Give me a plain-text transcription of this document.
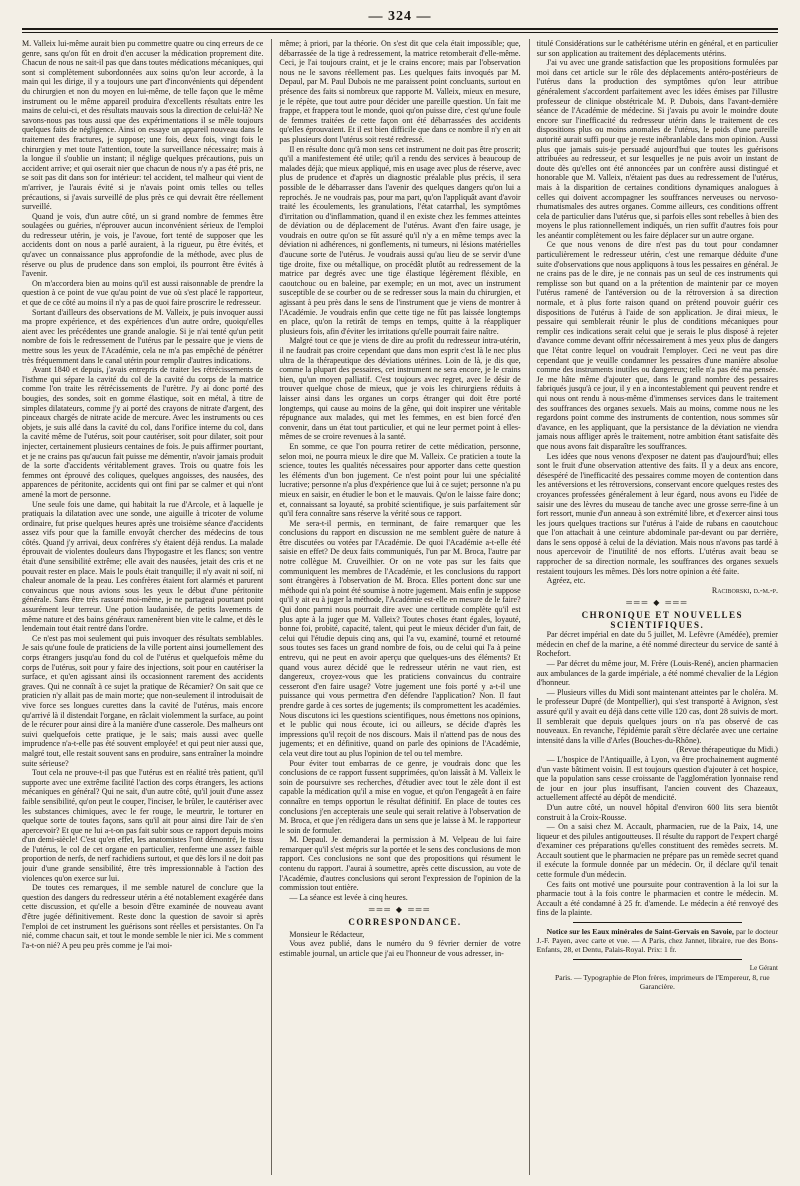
— 324 —

M. Valleix lui-même aurait bien pu commettre quatre ou cinq erreurs de ce genre, sans qu'on fût en droit d'en accuser la médication proprement dite. Chacun de nous ne sait-il pas que dans toutes médications mécaniques, qui sont si complètement subordonnées aux soins qu'on leur accorde, à la main qui les dirige, il y a toujours une part d'inconvénients qui dépendent du chirurgien et non du moyen en lui-même, de telle façon que le même instrument ou le même appareil produira d'excellents résultats entre les mains de celui-ci, et des résultats mauvais sous la direction de celui-là? Ne savons-nous pas tous aussi que des expérimentations il se mêle toujours quelques faits de négligence. Ainsi on essaye un appareil nouveau dans le traitement des fractures, je suppose; une fois, deux fois, vingt fois le chirurgien y met toute l'attention, toute la surveillance nécessaire; mais à la longue il s'oublie un instant; il néglige quelques précautions, puis un accident arrive; et qui oserait nier que chacun de nous n'y a pas été pris, ne se soit pas dit dans son for intérieur: tel accident, tel malheur qui vient de m'arriver, je l'aurais évité si je n'avais point omis telles ou telles précautions, si j'avais surveillé de plus près ce qui devrait être réellement surveillé.

Quand je vois, d'un autre côté, un si grand nombre de femmes être soulagées ou guéries, n'éprouver aucun inconvénient sérieux de l'emploi du redresseur utérin, je vois, je l'avoue, fort tenté de supposer que les accidents dont on nous a parlé auraient, à la rigueur, pu être évités, et qu'avec un connaissance plus approfondie de la méthode, avec plus de réserve ou plus de prudence dans son emploi, ils pourront être évités à l'avenir.

On m'accordera bien au moins qu'il est aussi raisonnable de prendre la question à ce point de vue qu'au point de vue où s'est placé le rapporteur, et que de ce côté au moins il n'y a pas de quoi faire proscrire le redresseur.

Sortant d'ailleurs des observations de M. Valleix, je puis invoquer aussi ma propre expérience, et des expériences d'un autre ordre, quoiqu'elles aient avec les précédentes une grande analogie. Si je n'ai tenté qu'un petit nombre de fois le redressement de l'utérus par le pessaire que je viens de mettre sous les yeux de l'Académie, cela ne m'a pas empêché de pénétrer très fréquemment dans le canal utérin pour remplir d'autres indications.

Avant 1840 et depuis, j'avais entrepris de traiter les rétrécissements de l'isthme qui sépare la cavité du col de la cavité du corps de la matrice comme l'on traite les rétrécissements de l'urètre. J'y ai donc porté des bougies, des sondes, soit en gomme élastique, soit en métal, à titre de simples dilatateurs, comme j'y ai porté des crayons de nitrate d'argent, des pinceaux chargés de nitrate acide de mercure. Avec les instruments ou ces objets, je suis allé dans la cavité du col, dans l'orifice interne du col, dans la cavité même de l'utérus, soit pour cautériser, soit pour dilater, soit pour injecter, certainement plusieurs centaines de fois. Je puis affirmer pourtant, et je ne crains pas qu'aucun fait puisse me démentir, n'avoir jamais produit de la sorte d'accidents véritablement graves. Trois ou quatre fois les femmes ont éprouvé des coliques, quelques angoisses, des nausées, des apparences de péritonite, accidents qui ont fini par se calmer et qui n'ont amené la mort de personne.

Une seule fois une dame, qui habitait la rue d'Arcole, et à laquelle je pratiquais la dilatation avec une sonde, une aiguille à tricoter de volume ordinaire, fut prise quelques heures après une troisième séance d'accidents assez vifs pour que la famille envoyât chercher des médecins de tous côtés. Quand j'y arrivai, deux confrères s'y étaient déjà rendus. La malade éprouvait de violentes douleurs dans l'hypogastre et les flancs; son ventre était d'une sensibilité extrême; elle avait des nausées, jetait des cris et ne pouvait rester en place. Mais le pouls était tranquille; il n'y avait ni soif, ni chaleur anomale de la peau. Les confrères étaient fort alarmés et parurent convaincus que nous avions sous les yeux le début d'une péritonite générale. Sans être très rassuré moi-même, je ne partageai pourtant point assurément leur terreur. Une potion laudanisée, de petits lavements de même nature et des bains généraux ramenèrent bien vite le calme, et dès le lendemain tout était rentré dans l'ordre.

Ce n'est pas moi seulement qui puis invoquer des résultats semblables. Je sais qu'une foule de praticiens de la ville portent ainsi journellement des corps étrangers jusqu'au fond du col de l'utérus et quelquefois même du corps de l'utérus, soit pour y faire des injections, soit pour en cautériser la surface, et qu'en agissant ainsi ils occasionnent rarement des accidents graves. Qui ne connaît à ce sujet la pratique de Récamier? On sait que ce praticien n'y allait pas de main morte; que non-seulement il introduisait de vive force ses longues curettes dans la cavité de l'utérus, mais encore qu'arrivé là il distendait l'organe, en râclait violemment la surface, au point de le récurer pour ainsi dire à la manière d'une casserole. Des malheurs ont suivi quelquefois cette pratique, je le sais; mais aussi avec quelle imprudence n'a-t-elle pas été souvent employée! et qui peut nier aussi que, malgré tout, elle restait souvent sans en produire, sans entraîner la moindre suite sérieuse?

Tout cela ne prouve-t-il pas que l'utérus est en réalité très patient, qu'il supporte avec une extrême facilité l'action des corps étrangers, les actions mécaniques en général? Qui ne sait, d'un autre côté, qu'il jouit d'une assez faible sensibilité, qu'on peut le couper, l'inciser, le brûler, le cautériser avec les substances chimiques, avec le fer rouge, le meurtrir, le torturer en quelque sorte de toutes façons, sans qu'il ait pour ainsi dire l'air de s'en apercevoir? Et que ne lui a-t-on pas fait subir sous ce rapport depuis moins d'un demi-siècle! C'est qu'en effet, les anatomistes l'ont démontré, le tissu de l'utérus, le col de cet organe en particulier, renferme une assez faible proportion de nerfs, de nerf rachidiens surtout, et que dès lors il ne doit pas jouir d'une grande sensibilité, être très impressionnable à l'action des violences qu'on exerce sur lui.

De toutes ces remarques, il me semble naturel de conclure que la question des dangers du redresseur utérin a été notablement exagérée dans cette discussion, et qu'elle a besoin d'être examinée de nouveau avant d'être jugée définitivement. Reste donc la question de savoir si après l'emploi de cet instrument les guérisons sont réelles et persistantes. On l'a nié, comme chacun sait, et tout le monde semble le nier ici. Me s comment l'a-t-on nié? A peu peu près comme je l'ai moi-

même; à priori, par la théorie. On s'est dit que cela était impossible; que, débarrassée de la tige à redressement, la matrice retomberait d'elle-même. Ceci, je l'ai toujours craint, et je le crains encore; mais par l'observation nous ne le savons réellement pas. Les quelques faits invoqués par M. Depaul, par M. Paul Dubois ne me paraissent point concluants, surtout en présence des faits si nombreux que rapporte M. Valleix, mieux en mesure, je le répète, que tout autre pour décider une pareille question. Un fait me frappe, et frappera tout le monde, quoi qu'on puisse dire, c'est qu'une foule de femmes traitées de cette façon ont été débarrassées des accidents qu'elles éprouvaient. Et il est bien difficile que dans ce nombre il n'y en ait pas plusieurs dont l'utérus soit resté redressé.

Il en résulte donc qu'à mon sens cet instrument ne doit pas être proscrit; qu'il a manifestement été utile; qu'il a rendu des services à beaucoup de malades déjà; que mieux appliqué, mis en usage avec plus de réserve, avec plus de prudence et d'après un diagnostic préalable plus précis, il sera possible de le débarrasser dans l'avenir des quelques dangers qu'on lui a reprochés. Je ne voudrais pas, pour ma part, qu'on l'appliquât avant d'avoir traité les écoulements, les granulations, l'état catarrhal, les symptômes d'irritation ou d'inflammation, quand il en existe chez les femmes atteintes de déviation ou de déplacement de l'utérus. Avant d'en faire usage, je voudrais en outre qu'on se fût assuré qu'il n'y a en même temps avec la déviation ni adhérences, ni gonflements, ni tumeurs, ni lésions matérielles d'aucune sorte de l'utérus. Je voudrais aussi qu'au lieu de se servir d'une tige droite, fixe ou métallique, on procédât plutôt au redressement de la matrice par degrés avec une tige élastique légèrement fléxible, en caoutchouc ou en baleine, par exemple; en un mot, avec un instrument susceptible de se courber ou de se redresser sous la main du chirurgien, et agissant à peu près dans le sens de l'instrument que je viens de montrer à l'Académie. Je voudrais enfin que cette tige ne fût pas laissée longtemps en place, qu'on la retirât de temps en temps, quitte à la réappliquer plusieurs fois, afin d'éviter les irritations qu'elle pourrait faire naître.

Malgré tout ce que je viens de dire au profit du redresseur intra-utérin, il ne faudrait pas croire cependant que dans mon esprit c'est là le nec plus ultra de la thérapeutique des déviations utérines. Loin de là, je dis que, comme la plupart des pessaires, cet instrument ne sera encore, je le crains bien, qu'un moyen palliatif. C'est toujours avec regret, avec le désir de trouver quelque chose de mieux, que je vois les chirurgiens réduits à laisser ainsi dans les organes un corps étranger qui doit être porté longtemps, qui cause au moins de la gêne, qui doit inspirer une véritable répugnance aux malades, qui met les femmes, en est bien forcé d'en convenir, dans un état tout particulier, et qui ne leur permet point à elles-mêmes de se croire revenues à la santé.

En somme, ce que l'on pourra retirer de cette médication, personne, selon moi, ne pourra mieux le dire que M. Valleix. Ce praticien a toute la science, toutes les qualités nécessaires pour apporter dans cette question les éléments d'un bon jugement. Ce n'est point pour lui une spécialité lucrative; personne n'a plus d'expérience que lui à ce sujet; personne n'a pu mieux en saisir, en étudier le bon et le mauvais. Qu'on le laisse faire donc; et, connaissant sa loyauté, sa probité scientifique, je suis parfaitement sûr qu'il fera connaître sans réserve la vérité sous ce rapport.

Me sera-t-il permis, en terminant, de faire remarquer que les conclusions du rapport en discussion ne me semblent guère de nature à être discutées ou votées par l'Académie. De quoi l'Académie a-t-elle été saisie en effet? De deux faits communiqués, l'un par M. Broca, l'autre par notre collègue M. Cruveilhier. Or on ne vote pas sur les faits que communiquent les membres de l'Académie, et les conclusions du rapport sont étrangères à l'observation de M. Broca. Elles portent donc sur une méthode qui n'a point été soumise à notre jugement. Mais enfin je suppose qu'il y ait eu à juger la méthode, l'Académie est-elle en mesure de le faire? Qui donc parmi nous pourrait dire avec une certitude complète qu'il est plus apte à la juger que M. Valleix? Toutes choses étant égales, loyauté, bonne foi, probité, capacité, talent, qui peut le mieux décider d'un fait, de celui qui l'étudie depuis cinq ans, qui l'a vu, examiné, tourné et retourné sous toutes ses faces un grand nombre de fois, ou de celui qui l'a à peine entrevu, qui ne peut en avoir aperçu que quelques-uns des éléments? Et quand vous aurez décidé que le redresseur utérin ne vaut rien, est dangereux, croyez-vous que les praticiens convaincus du contraire cesseront d'en faire usage? Votre jugement une fois porté y a-t-il une puissance qui vous permettra d'en défendre l'application? Non. Il faut prendre garde à ces sortes de jugements; ils compromettent les académies. Nous discutons ici les questions scientifiques, nous émettons nos opinions, et le public qui nous écoute, ici ou ailleurs, se décide d'après les impressions qu'il reçoit de nos discours. Mais il n'attend pas de nous des jugements; et en définitive, quand on parle des opinions de l'Académie, cela veut dire tout au plus l'opinion de tel ou tel membre.

Pour éviter tout embarras de ce genre, je voudrais donc que les conclusions de ce rapport fussent supprimées, qu'on laissât à M. Valleix le soin de poursuivre ses recherches, d'étudier avec tout le zèle dont il est capable la médication qu'il a mise en vogue, et qu'on l'engageât à en faire connaître en temps opportun le résultat définitif. En place de toutes ces conclusions j'en accepterais une seule qui serait relative à l'observation de M. Broca, et que j'en rédigera dans un sens que je laisse à M. le rapporteur le soin de formuler.

M. Depaul. Je demanderai la permission à M. Velpeau de lui faire remarquer qu'il s'est mépris sur la portée et le sens des conclusions de mon rapport. Ces conclusions ne sont que des propositions qui résument le contenu du rapport. J'aurai à soumettre, après cette discussion, au vote de l'Académie, d'autres conclusions qui seront l'expression de l'opinion de la commission tout entière.

— La séance est levée à cinq heures.

═══ ◆ ═══

CORRESPONDANCE.

Monsieur le Rédacteur,

Vous avez publié, dans le numéro du 9 février dernier de votre estimable journal, un article que j'ai eu l'honneur de vous adresser, in-

titulé Considérations sur le cathétérisme utérin en général, et en particulier sur son application au traitement des déplacements utérins.

J'ai vu avec une grande satisfaction que les propositions formulées par moi dans cet article sur le rôle des déplacements antéro-postérieurs de l'utérus dans la production des symptômes qu'on leur attribue généralement s'accordent parfaitement avec les idées émises par l'illustre professeur de clinique obstétricale M. P. Dubois, dans l'avant-dernière séance de l'Académie de médecine. Si j'avais pu avoir le moindre doute encore sur l'inefficacité du redresseur utérin dans le traitement de ces dispositions plus ou moins anomales de l'utérus, le poids d'une pareille autorité aurait suffi pour que je reste inébranlable dans mon opinion. Aussi plus que jamais suis-je persuadé aujourd'hui que toutes les guérisons attribuées au redresseur, et sur lesquelles je ne puis avoir un instant de doute dès qu'elles ont été annoncées par un confrère aussi distingué et honorable que M. Valleix, n'étaient pas dues au redressement de l'utérus, mais à la disparition de certaines conditions dynamiques analogues à celles qui doivent accompagner les souffrances nerveuses ou nervoso-rhumatismales des autres organes. Comme ailleurs, ces conditions offrent cela de particulier dans l'utérus que, si parfois elles sont rebelles à bien des moyens le plus rationnellement indiqués, un rien suffit d'autres fois pour les anéantir complètement ou les faire déplacer sur un autre organe.

Ce que nous venons de dire n'est pas du tout pour condamner particulièrement le redresseur utérin, c'est une remarque déduite d'une suite d'observations que nous appliquons à tous les pessaires en général. Je ne crains pas de le dire, je ne connais pas un seul de ces instruments qui remplisse son but quand on a la prétention de maintenir par ce moyen l'utérus ramené de l'antéversion ou de la rétroversion à sa direction normale, et à plus forte raison quand on prétend pouvoir guérir ces dispositions de l'utérus à l'aide de son application. Je dirai mieux, le pessaire qui semblerait réunir le plus de conditions mécaniques pour remplir ces indications serait celui que je serais le plus disposé à rejeter d'avance comme devant offrir nécessairement à mes yeux plus de dangers que l'état contre lequel on voudrait l'employer. Ceci ne veut pas dire cependant que je veuille condamner les pessaires d'une manière absolue comme des instruments inutiles ou dangereux; telle n'a pas été ma pensée. Je me hâte même d'ajouter que, dans le grand nombre des pessaires fabriqués jusqu'à ce jour, il y en a incontestablement qui peuvent rendre et qui nous ont rendu à nous-même d'immenses services dans le traitement des souffrances des organes sexuels. Mais au moins, comme nous ne les regardons point comme des instruments de contention, nous sommes sûr d'avance, en les appliquant, que la persistance de la déviation ne viendra jamais nous affliger après le traitement, notre ambition étant satisfaite dès que nous avons fait disparaître les souffrances.

Les idées que nous venons d'exposer ne datent pas d'aujourd'hui; elles sont le fruit d'une observation attentive des faits. Il y a deux ans encore, désespéré de l'inefficacité des pessaires comme moyen de contention dans les antéversions et les rétroversions, conservant encore quelques restes des croyances professées généralement à leur égard, nous avons eu l'idée de saisir une des lèvres du museau de tanche avec une grosse serre-fine à un fort ressort, munie d'un anneau à son extrémité libre, et d'exercer ainsi tous les jours quelques tractions sur l'utérus à l'aide de rubans en caoutchouc que l'on attachait à une ceinture abdominale par-devant ou par derrière, dans le sens opposé à celui de la déviation. Mais nous n'avons pas tardé à nous apercevoir de l'inutilité de nos efforts. L'utérus avait beau se rapprocher de sa direction normale, les souffrances des organes sexuels restaient toujours les mêmes. Dès lors notre opinion a été faite.

Agréez, etc.

Raciborski, d.-m.-p.

═══ ◆ ═══

CHRONIQUE ET NOUVELLES SCIENTIFIQUES.

Par décret impérial en date du 5 juillet, M. Lefèvre (Amédée), premier médecin en chef de la marine, a été nommé directeur du service de santé à Rochefort.

— Par décret du même jour, M. Frère (Louis-René), ancien pharmacien aux ambulances de la garde impériale, a été nommé chevalier de la Légion d'honneur.

— Plusieurs villes du Midi sont maintenant atteintes par le choléra. M. le professeur Dupré (de Montpellier), qui s'est transporté à Avignon, s'est assuré qu'il y avait eu déjà dans cette ville 120 cas, dont 28 suivis de mort. Il semblerait que depuis quelques jours on n'a pas observé de cas nouveaux. En revanche, l'épidémie paraît s'être déclarée avec une certaine intensité dans la ville d'Arles (Bouches-du-Rhône).

(Revue thérapeutique du Midi.)

— L'hospice de l'Antiquaille, à Lyon, va être prochainement augmenté d'un vaste bâtiment voisin. Il est toujours question d'ajouter à cet hospice, que la population sans cesse croissante de l'agglomération lyonnaise rend de jour en jour plus insuffisant, l'ancien couvent des Chazeaux, actuellement affecté au dépôt de mendicité.

D'un autre côté, un nouvel hôpital d'environ 600 lits sera bientôt construit à la Croix-Rousse.

— On a saisi chez M. Accault, pharmacien, rue de la Paix, 14, une liqueur et des pilules antigoutteuses. Il résulte du rapport de l'expert chargé d'examiner ces préparations qu'elles constituent des remèdes secrets. M. Accault soutient que le pharmacien ne prépare pas un remède secret quand il exécute la formule donnée par un médecin. Or, il déclare qu'il tenait cette formule d'un médecin.

Ces faits ont motivé une poursuite pour contravention à la loi sur la pharmacie tout à la fois contre le pharmacien et contre le médecin. M. Accault a été condamné à 25 fr. d'amende. Le médecin a été renvoyé des fins de la plainte.

Notice sur les Eaux minérales de Saint-Gervais en Savoie, par le docteur J.-F. Payen, avec carte et vue. — A Paris, chez Jannet, libraire, rue des Bons-Enfants, 28, et Dentu, Palais-Royal. Prix: 1 fr.

Le Gérant

Paris. — Typographie de Plon frères, imprimeurs de l'Empereur, 8, rue Garancière.
